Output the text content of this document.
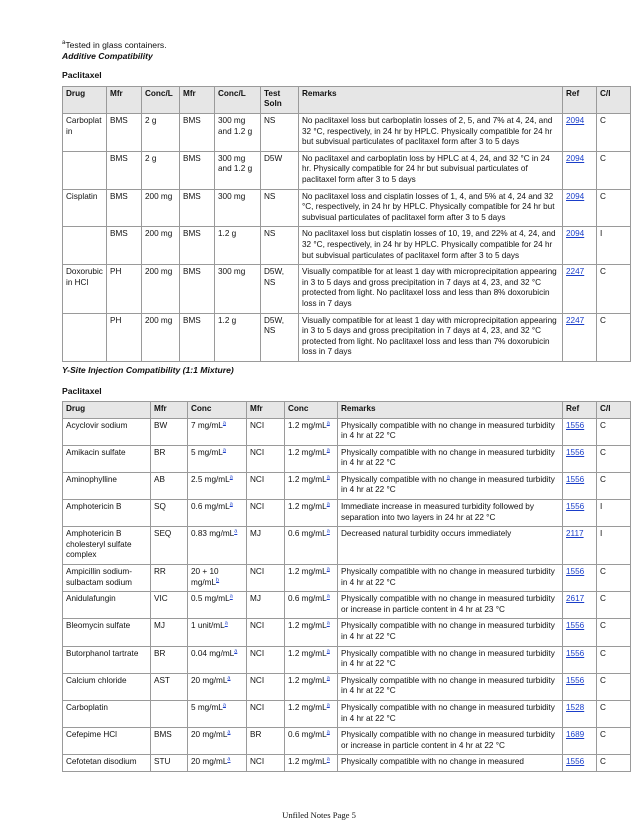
$^a$Tested in glass containers.
Additive Compatibility
Paclitaxel
Drug	Mfr	Conc/L	Mfr	Conc/L	Test Soln	Remarks	Ref	C/I
Carboplatin	BMS	2 g	BMS	300 mg and 1.2 g	NS	No paclitaxel loss but carboplatin losses of 2, 5, and 7% at 4, 24, and 32 °C, respectively, in 24 hr by HPLC. Physically compatible for 24 hr but subvisual particulates of paclitaxel form after 3 to 5 days	2094	C
	BMS	2 g	BMS	300 mg and 1.2 g	D5W	No paclitaxel and carboplatin loss by HPLC at 4, 24, and 32 °C in 24 hr. Physically compatible for 24 hr but subvisual particulates of paclitaxel form after 3 to 5 days	2094	C
Cisplatin	BMS	200 mg	BMS	300 mg	NS	No paclitaxel loss and cisplatin losses of 1, 4, and 5% at 4, 24 and 32 °C, respectively, in 24 hr by HPLC. Physically compatible for 24 hr but subvisual particulates of paclitaxel form after 3 to 5 days	2094	C
	BMS	200 mg	BMS	1.2 g	NS	No paclitaxel loss but cisplatin losses of 10, 19, and 22% at 4, 24, and 32 °C, respectively, in 24 hr by HPLC. Physically compatible for 24 hr but subvisual particulates of paclitaxel form after 3 to 5 days	2094	I
Doxorubicin HCl	PH	200 mg	BMS	300 mg	D5W, NS	Visually compatible for at least 1 day with microprecipitation appearing in 3 to 5 days and gross precipitation in 7 days at 4, 23, and 32 °C protected from light. No paclitaxel loss and less than 8% doxorubicin loss in 7 days	2247	C
	PH	200 mg	BMS	1.2 g	D5W, NS	Visually compatible for at least 1 day with microprecipitation appearing in 3 to 5 days and gross precipitation in 7 days at 4, 23, and 32 °C protected from light. No paclitaxel loss and less than 7% doxorubicin loss in 7 days	2247	C
Y-Site Injection Compatibility (1:1 Mixture)
Paclitaxel
Drug	Mfr	Conc	Mfr	Conc	Remarks	Ref	C/I
Acyclovir sodium	BW	7 mg/mL$^a$	NCI	1.2 mg/mL$^a$	Physically compatible with no change in measured turbidity in 4 hr at 22 °C	1556	C
Amikacin sulfate	BR	5 mg/mL$^a$	NCI	1.2 mg/mL$^a$	Physically compatible with no change in measured turbidity in 4 hr at 22 °C	1556	C
Aminophylline	AB	2.5 mg/mL$^a$	NCI	1.2 mg/mL$^a$	Physically compatible with no change in measured turbidity in 4 hr at 22 °C	1556	C
Amphotericin B	SQ	0.6 mg/mL$^a$	NCI	1.2 mg/mL$^a$	Immediate increase in measured turbidity followed by separation into two layers in 24 hr at 22 °C	1556	I
Amphotericin B cholesteryl sulfate complex	SEQ	0.83 mg/mL$^a$	MJ	0.6 mg/mL$^a$	Decreased natural turbidity occurs immediately	2117	I
Ampicillin sodium-sulbactam sodium	RR	20 + 10 mg/mL$^b$	NCI	1.2 mg/mL$^a$	Physically compatible with no change in measured turbidity in 4 hr at 22 °C	1556	C
Anidulafungin	VIC	0.5 mg/mL$^a$	MJ	0.6 mg/mL$^a$	Physically compatible with no change in measured turbidity or increase in particle content in 4 hr at 23 °C	2617	C
Bleomycin sulfate	MJ	1 unit/mL$^a$	NCI	1.2 mg/mL$^a$	Physically compatible with no change in measured turbidity in 4 hr at 22 °C	1556	C
Butorphanol tartrate	BR	0.04 mg/mL$^a$	NCI	1.2 mg/mL$^a$	Physically compatible with no change in measured turbidity in 4 hr at 22 °C	1556	C
Calcium chloride	AST	20 mg/mL$^a$	NCI	1.2 mg/mL$^a$	Physically compatible with no change in measured turbidity in 4 hr at 22 °C	1556	C
Carboplatin		5 mg/mL$^a$	NCI	1.2 mg/mL$^a$	Physically compatible with no change in measured turbidity in 4 hr at 22 °C	1528	C
Cefepime HCl	BMS	20 mg/mL$^a$	BR	0.6 mg/mL$^a$	Physically compatible with no change in measured turbidity or increase in particle content in 4 hr at 22 °C	1689	C
Cefotetan disodium	STU	20 mg/mL$^a$	NCI	1.2 mg/mL$^a$	Physically compatible with no change in measured	1556	C
Unfiled Notes Page 5
